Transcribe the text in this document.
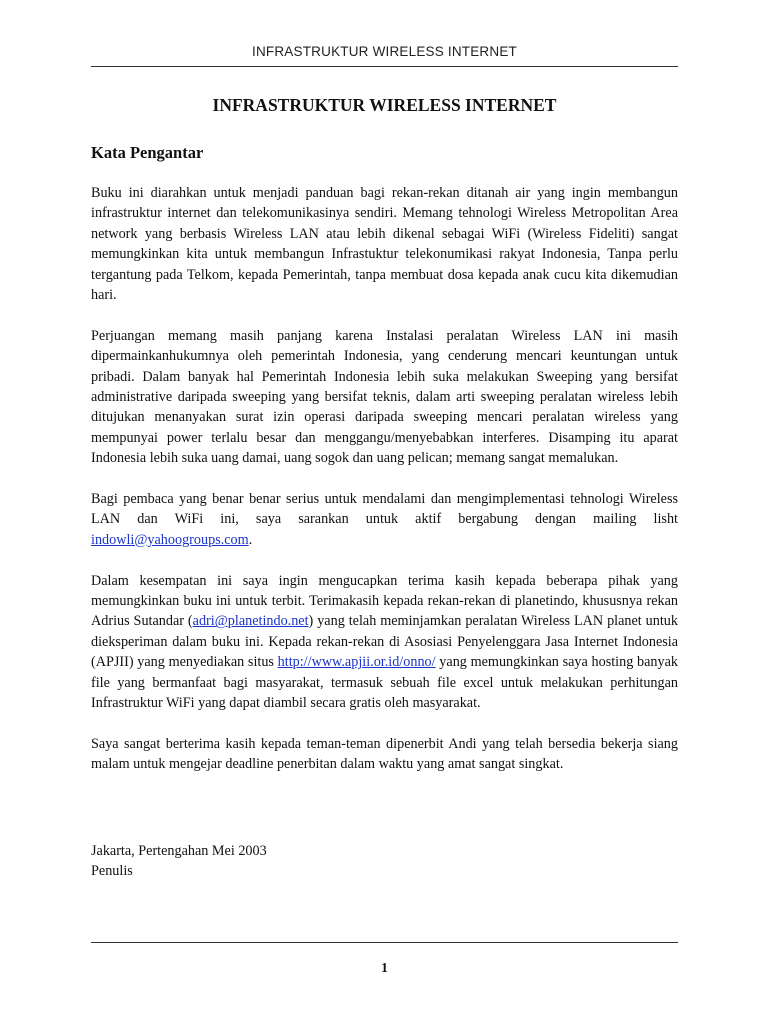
INFRASTRUKTUR WIRELESS INTERNET
INFRASTRUKTUR WIRELESS INTERNET
Kata Pengantar

Buku ini diarahkan untuk menjadi panduan bagi rekan-rekan ditanah air yang ingin membangun infrastruktur internet dan telekomunikasinya sendiri. Memang tehnologi Wireless Metropolitan Area network yang berbasis Wireless LAN atau lebih dikenal sebagai WiFi (Wireless Fideliti) sangat memungkinkan kita untuk membangun Infrastuktur telekonumikasi rakyat Indonesia, Tanpa perlu tergantung pada Telkom, kepada Pemerintah, tanpa membuat dosa kepada anak cucu kita dikemudian hari.

Perjuangan memang masih panjang karena Instalasi peralatan Wireless LAN ini masih dipermainkanhukumnya oleh pemerintah Indonesia, yang cenderung mencari keuntungan untuk pribadi. Dalam banyak hal Pemerintah Indonesia lebih suka melakukan Sweeping yang bersifat administrative daripada sweeping yang bersifat teknis, dalam arti sweeping peralatan wireless lebih ditujukan menanyakan surat izin operasi daripada sweeping mencari peralatan wireless yang mempunyai power terlalu besar dan menggangu/menyebabkan interferes. Disamping itu aparat Indonesia lebih suka uang damai, uang sogok dan uang pelican; memang sangat memalukan.

Bagi pembaca yang benar benar serius untuk mendalami dan mengimplementasi tehnologi Wireless LAN dan WiFi ini, saya sarankan untuk aktif bergabung dengan mailing lisht indowli@yahoogroups.com.

Dalam kesempatan ini saya ingin mengucapkan terima kasih kepada beberapa pihak yang memungkinkan buku ini untuk terbit. Terimakasih kepada rekan-rekan di planetindo, khususnya rekan Adrius Sutandar (adri@planetindo.net) yang telah meminjamkan peralatan Wireless LAN planet untuk dieksperiman dalam buku ini. Kepada rekan-rekan di Asosiasi Penyelenggara Jasa Internet Indonesia (APJII) yang menyediakan situs http://www.apjii.or.id/onno/ yang memungkinkan saya hosting banyak file yang bermanfaat bagi masyarakat, termasuk sebuah file excel untuk melakukan perhitungan Infrastruktur WiFi yang dapat diambil secara gratis oleh masyarakat.

Saya sangat berterima kasih kepada teman-teman dipenerbit Andi yang telah bersedia bekerja siang malam untuk mengejar deadline penerbitan dalam waktu yang amat sangat singkat.

Jakarta, Pertengahan Mei 2003
Penulis
1
